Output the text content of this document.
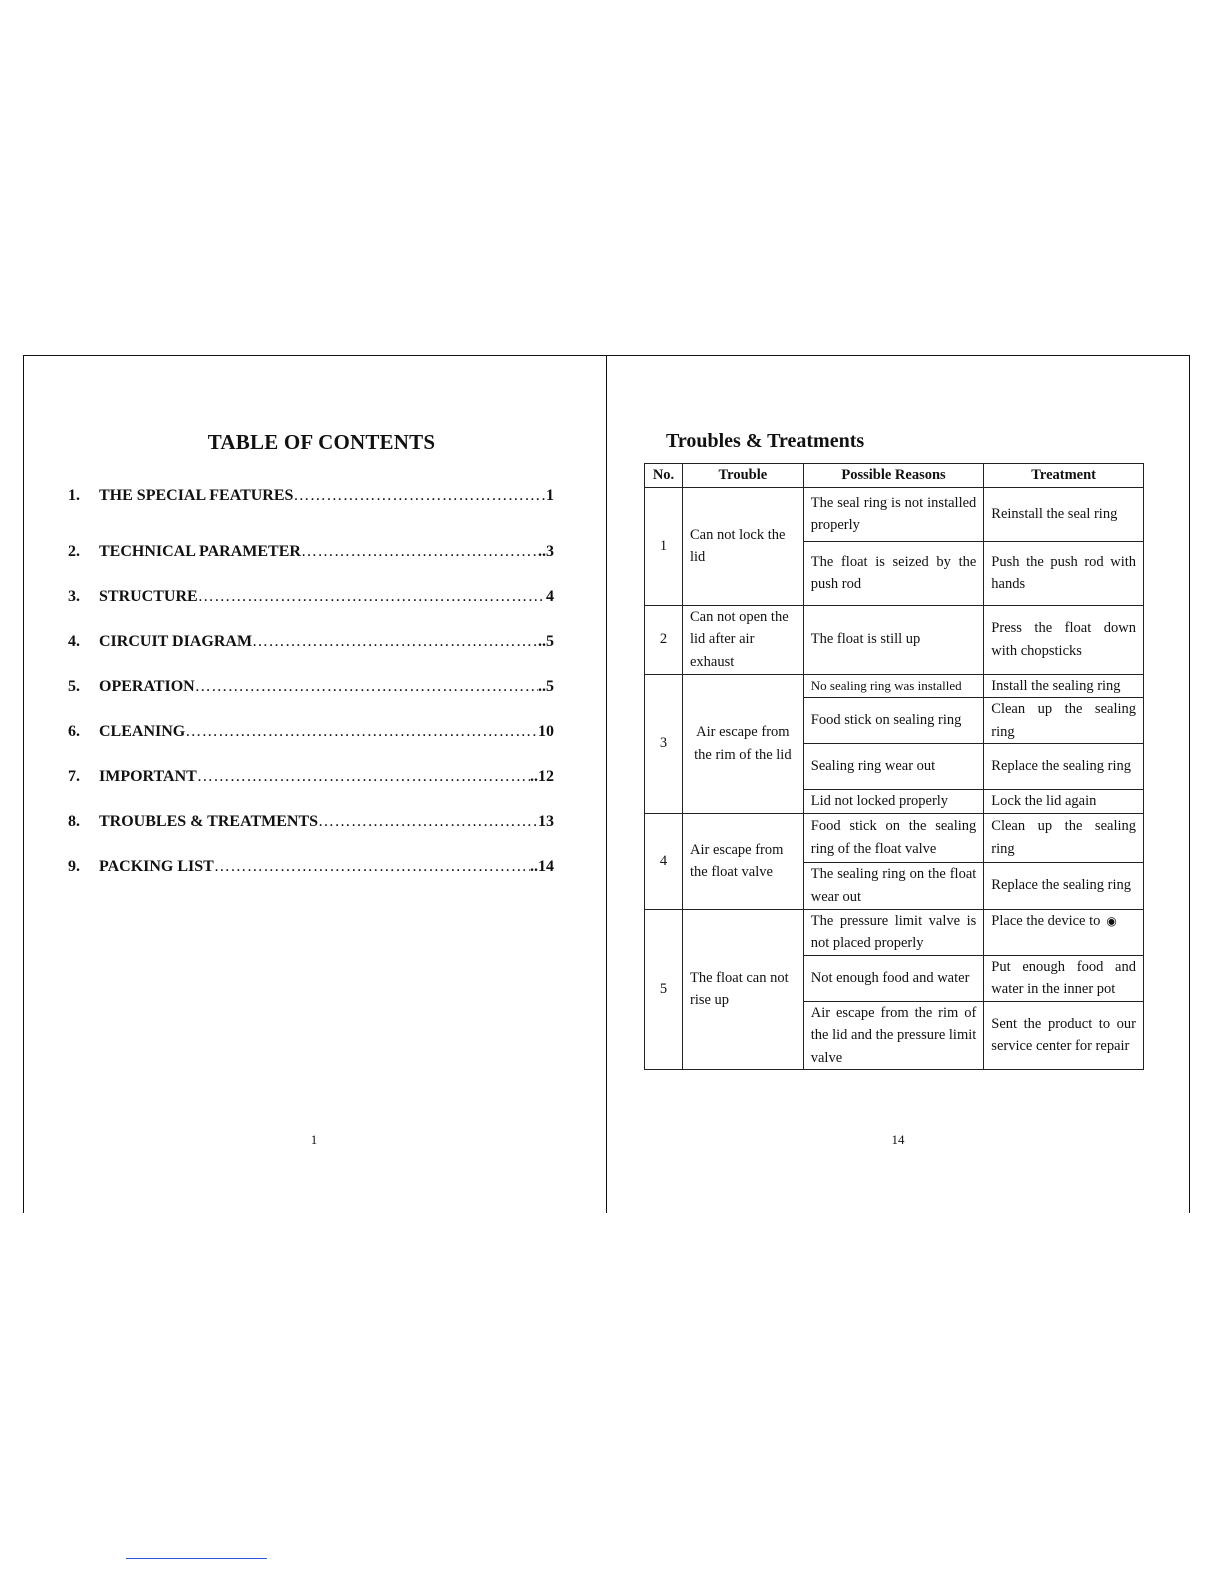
TABLE OF CONTENTS
1.	THE SPECIAL FEATURES ……………………………………………………………………………………………………………………………	1
2.	TECHNICAL PARAMETER ……………………………………………………………………………………………………………………………	..3
3.	STRUCTURE ……………………………………………………………………………………………………………………………	4
4.	CIRCUIT DIAGRAM ……………………………………………………………………………………………………………………………	..5
5.	OPERATION ……………………………………………………………………………………………………………………………	..5
6.	CLEANING ……………………………………………………………………………………………………………………………	10
7.	IMPORTANT ……………………………………………………………………………………………………………………………	..12
8.	TROUBLES & TREATMENTS ……………………………………………………………………………………………………………………………	13
9.	PACKING LIST ……………………………………………………………………………………………………………………………	..14
1
Troubles & Treatments
No.	Trouble	Possible Reasons	Treatment
1	Can not lock the lid	The seal ring is not installed properly	Reinstall the seal ring
		The float is seized by the push rod	Push the push rod with hands
2	Can not open the lid after air exhaust	The float is still up	Press the float down with chopsticks
3	Air escape from the rim of the lid	No sealing ring was installed	Install the sealing ring
		Food stick on sealing ring	Clean up the sealing ring
		Sealing ring wear out	Replace the sealing ring
		Lid not locked properly	Lock the lid again
4	Air escape from the float valve	Food stick on the sealing ring of the float valve	Clean up the sealing ring
		The sealing ring on the float wear out	Replace the sealing ring
5	The float can not rise up	The pressure limit valve is not placed properly	Place the device to ◉
		Not enough food and water	Put enough food and water in the inner pot
		Air escape from the rim of the lid and the pressure limit valve	Sent the product to our service center for repair
14
